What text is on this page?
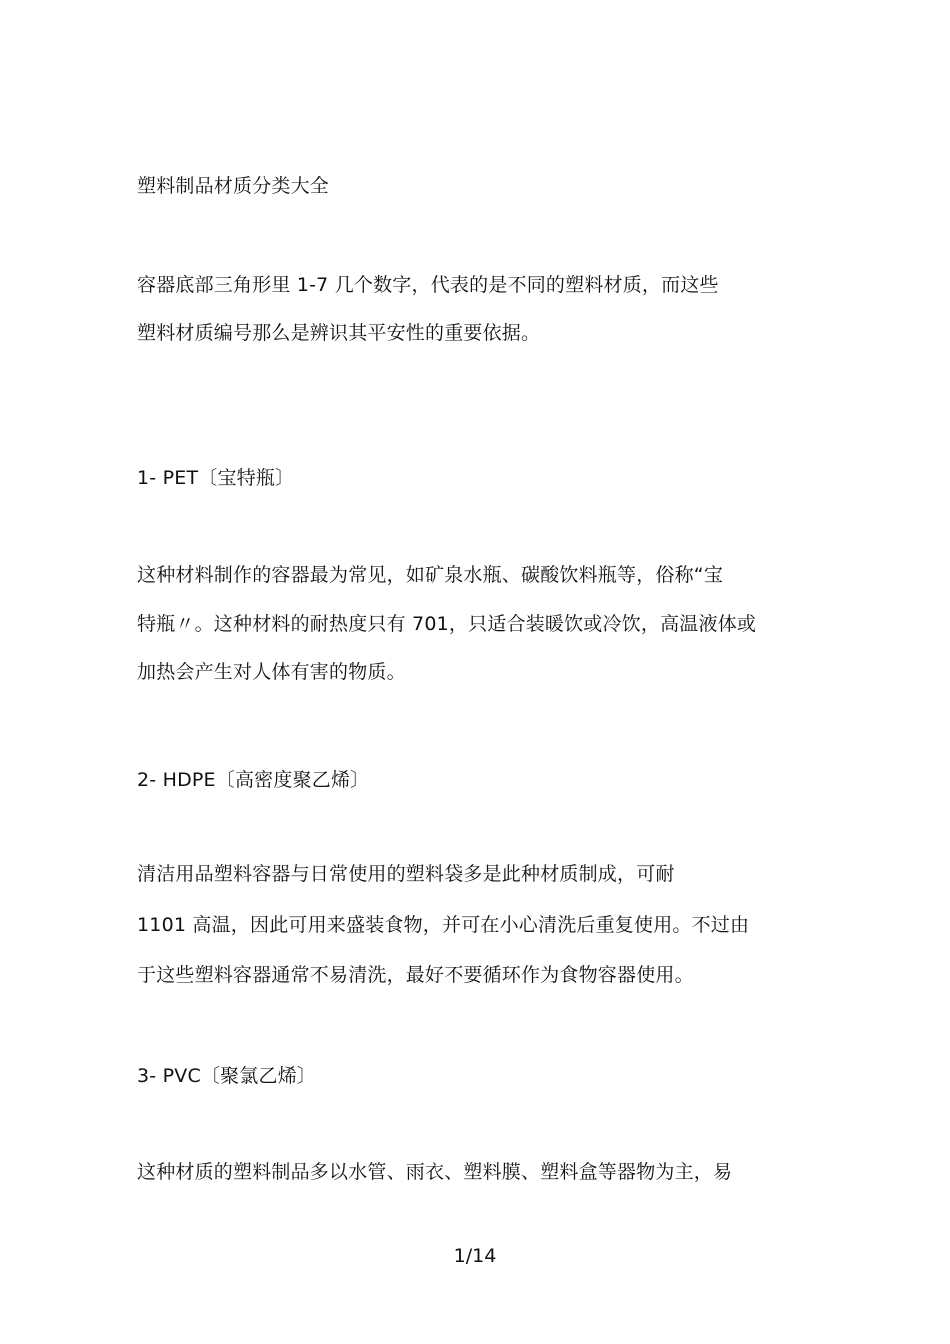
塑料制品材质分类大全
容器底部三角形里 1-7 几个数字，代表的是不同的塑料材质，而这些
塑料材质编号那么是辨识其平安性的重要依据。
1- PET〔宝特瓶〕
这种材料制作的容器最为常见，如矿泉水瓶、碳酸饮料瓶等，俗称“宝
特瓶〃。这种材料的耐热度只有 701，只适合装暖饮或冷饮，高温液体或
加热会产生对人体有害的物质。
2- HDPE〔高密度聚乙烯〕
清洁用品塑料容器与日常使用的塑料袋多是此种材质制成，可耐
1101 高温，因此可用来盛装食物，并可在小心清洗后重复使用。不过由
于这些塑料容器通常不易清洗，最好不要循环作为食物容器使用。
3- PVC〔聚氯乙烯〕
这种材质的塑料制品多以水管、雨衣、塑料膜、塑料盒等器物为主，易
1/14
